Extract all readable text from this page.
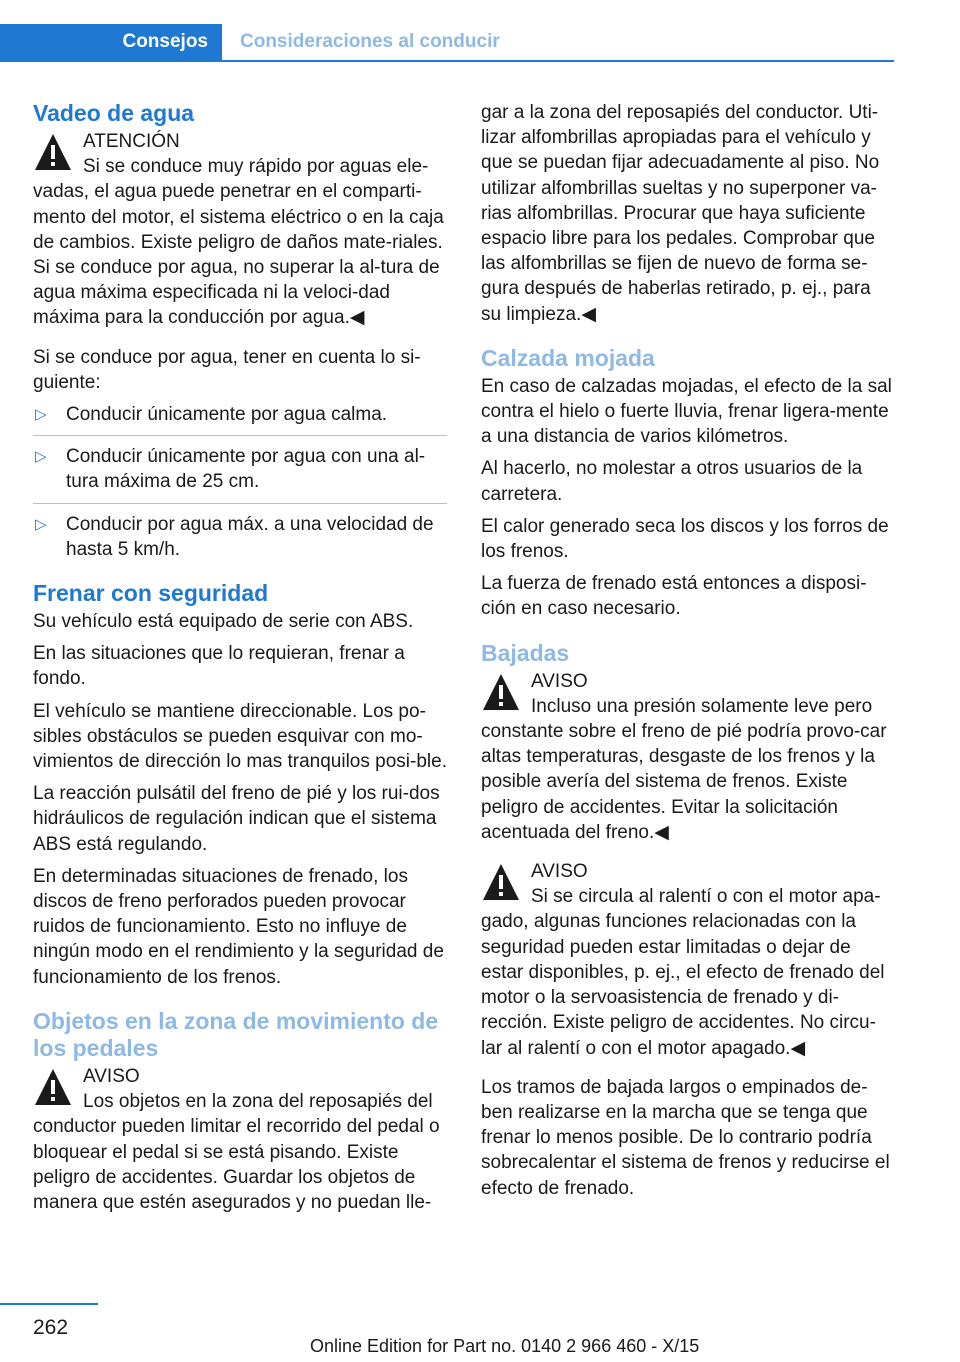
Consejos Consideraciones al conducir
Vadeo de agua
ATENCIÓN
Si se conduce muy rápido por aguas ele-
vadas, el agua puede penetrar en el comparti-mento del motor, el sistema eléctrico o en la caja de cambios. Existe peligro de daños mate-riales. Si se conduce por agua, no superar la al-tura de agua máxima especificada ni la veloci-dad máxima para la conducción por agua.◀

Si se conduce por agua, tener en cuenta lo si-guiente:

▷ Conducir únicamente por agua calma.
▷ Conducir únicamente por agua con una al-tura máxima de 25 cm.
▷ Conducir por agua máx. a una velocidad de hasta 5 km/h.
Frenar con seguridad

Su vehículo está equipado de serie con ABS.

En las situaciones que lo requieran, frenar a fondo.

El vehículo se mantiene direccionable. Los po-sibles obstáculos se pueden esquivar con mo-vimientos de dirección lo mas tranquilos posi-ble.

La reacción pulsátil del freno de pié y los rui-dos hidráulicos de regulación indican que el sistema ABS está regulando.

En determinadas situaciones de frenado, los discos de freno perforados pueden provocar ruidos de funcionamiento. Esto no influye de ningún modo en el rendimiento y la seguridad de funcionamiento de los frenos.

Objetos en la zona de movimiento de los pedales
AVISO
Los objetos en la zona del reposapiés del
conductor pueden limitar el recorrido del pedal o bloquear el pedal si se está pisando. Existe peligro de accidentes. Guardar los objetos de manera que estén asegurados y no puedan lle-

gar a la zona del reposapiés del conductor. Uti-lizar alfombrillas apropiadas para el vehículo y que se puedan fijar adecuadamente al piso. No utilizar alfombrillas sueltas y no superponer va-rias alfombrillas. Procurar que haya suficiente espacio libre para los pedales. Comprobar que las alfombrillas se fijen de nuevo de forma se-gura después de haberlas retirado, p. ej., para su limpieza.◀

Calzada mojada

En caso de calzadas mojadas, el efecto de la sal contra el hielo o fuerte lluvia, frenar ligera-mente a una distancia de varios kilómetros.

Al hacerlo, no molestar a otros usuarios de la carretera.

El calor generado seca los discos y los forros de los frenos.

La fuerza de frenado está entonces a disposi-ción en caso necesario.

Bajadas
AVISO
Incluso una presión solamente leve pero
constante sobre el freno de pié podría provo-car altas temperaturas, desgaste de los frenos y la posible avería del sistema de frenos. Existe peligro de accidentes. Evitar la solicitación acentuada del freno.◀
AVISO
Si se circula al ralentí o con el motor apa-
gado, algunas funciones relacionadas con la seguridad pueden estar limitadas o dejar de estar disponibles, p. ej., el efecto de frenado del motor o la servoasistencia de frenado y di-rección. Existe peligro de accidentes. No circu-lar al ralentí o con el motor apagado.◀

Los tramos de bajada largos o empinados de-ben realizarse en la marcha que se tenga que frenar lo menos posible. De lo contrario podría sobrecalentar el sistema de frenos y reducirse el efecto de frenado.

262
Online Edition for Part no. 0140 2 966 460 - X/15
